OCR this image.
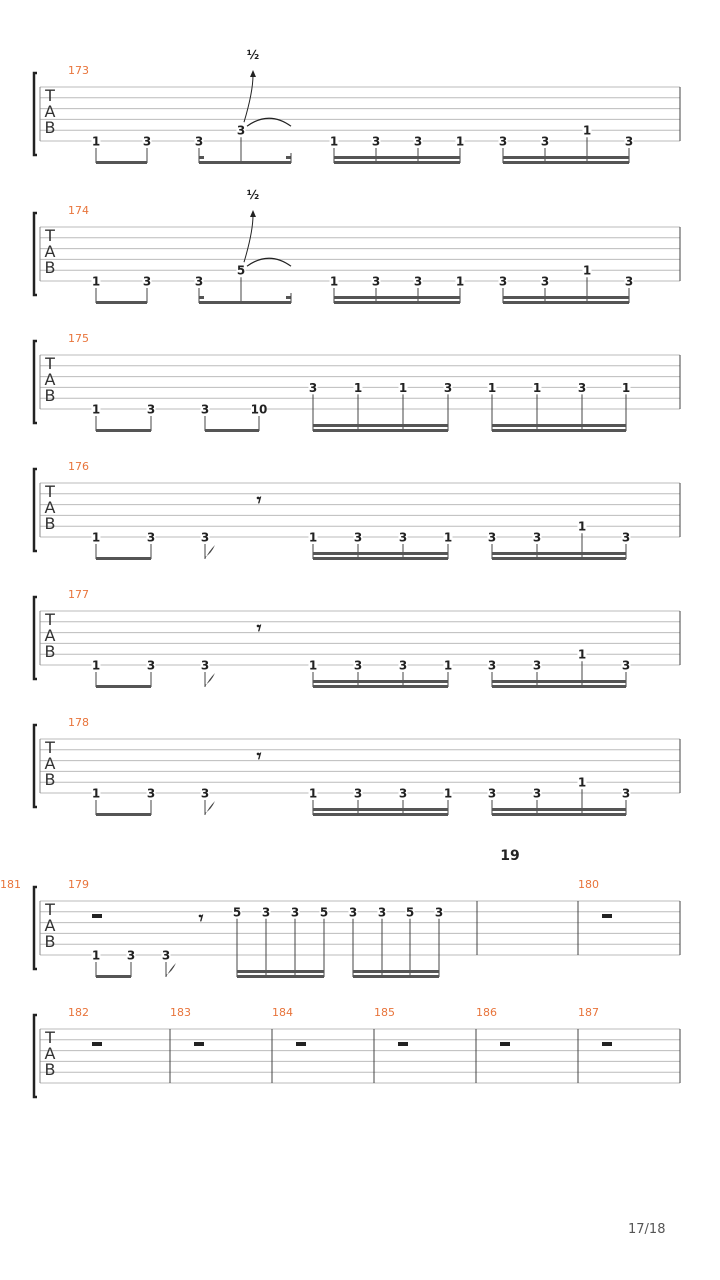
T
A
B
173
1	3	3
3
½
1	3	3	1	3	3
1
3
T
A
B
174
1	3	3
5
½
1	3	3	1	3	3
1
3
T
A
B
175
1	3	3	10
3	1	1	3	1	1	3	1
T
A
B
176
1	3	3
𝄾
1	3	3	1	3	3
1
3
T
A
B
177
1	3	3
𝄾
1	3	3	1	3	3
1
3
T
A
B
178
1	3	3
𝄾
1	3	3	1	3	3
1
3
T
A
B
19
179
1 3 3
𝄾 5 3 3 5 3 3 5 3
180
181
T
A
B
182	183	184	185	186	187
17/18
